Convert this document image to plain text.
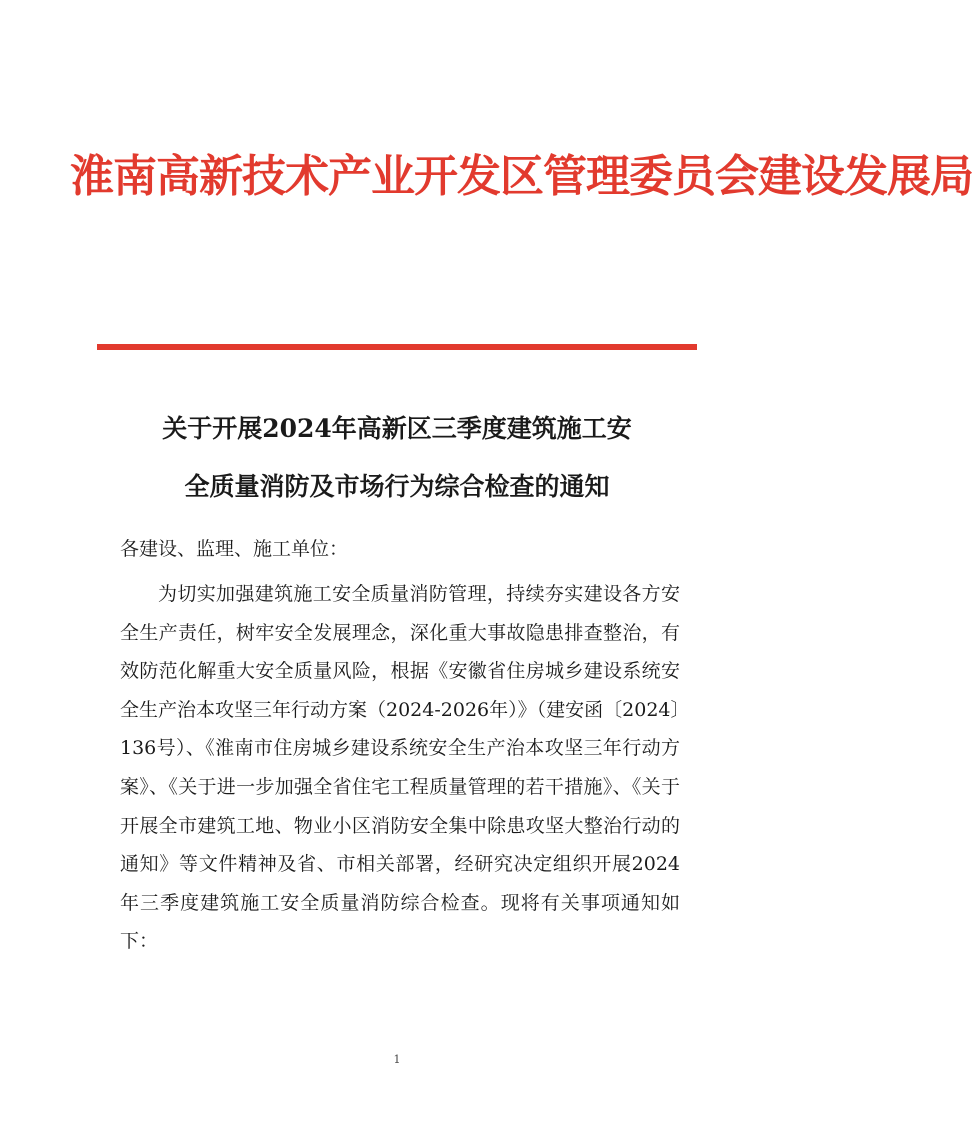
淮南高新技术产业开发区管理委员会建设发展局
关于开展2024年高新区三季度建筑施工安
全质量消防及市场行为综合检查的通知
各建设、监理、施工单位：

为切实加强建筑施工安全质量消防管理，持续夯实建设各方安全生产责任，树牢安全发展理念，深化重大事故隐患排查整治，有效防范化解重大安全质量风险，根据《安徽省住房城乡建设系统安全生产治本攻坚三年行动方案（2024-2026年）》（建安函〔2024〕136号）、《淮南市住房城乡建设系统安全生产治本攻坚三年行动方案》、《关于进一步加强全省住宅工程质量管理的若干措施》、《关于开展全市建筑工地、物业小区消防安全集中除患攻坚大整治行动的通知》等文件精神及省、市相关部署，经研究决定组织开展2024年三季度建筑施工安全质量消防综合检查。现将有关事项通知如下：

1
